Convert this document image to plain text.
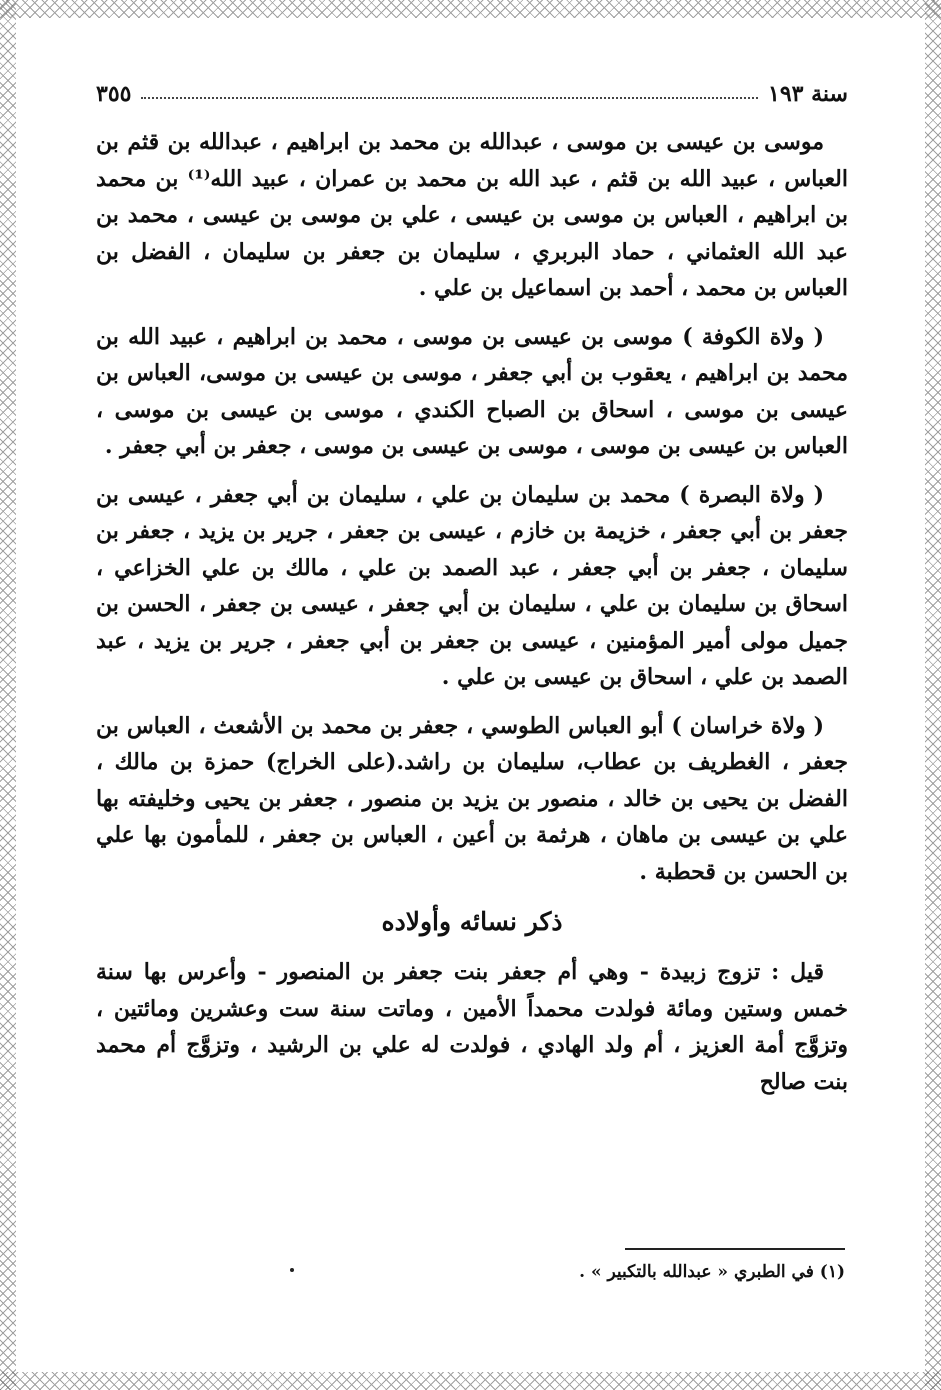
سنة ١٩٣
٣٥٥

موسى بن عيسى بن موسى ، عبدالله بن محمد بن ابراهيم ، عبدالله بن قثم بن العباس ، عبيد الله بن قثم ، عبد الله بن محمد بن عمران ، عبيد الله⁽¹⁾ بن محمد بن ابراهيم ، العباس بن موسى بن عيسى ، علي بن موسى بن عيسى ، محمد بن عبد الله العثماني ، حماد البربري ، سليمان بن جعفر بن سليمان ، الفضل بن العباس بن محمد ، أحمد بن اسماعيل بن علي .

( ولاة الكوفة ) موسى بن عيسى بن موسى ، محمد بن ابراهيم ، عبيد الله بن محمد بن ابراهيم ، يعقوب بن أبي جعفر ، موسى بن عيسى بن موسى، العباس بن عيسى بن موسى ، اسحاق بن الصباح الكندي ، موسى بن عيسى بن موسى ، العباس بن عيسى بن موسى ، موسى بن عيسى بن موسى ، جعفر بن أبي جعفر .

( ولاة البصرة ) محمد بن سليمان بن علي ، سليمان بن أبي جعفر ، عيسى بن جعفر بن أبي جعفر ، خزيمة بن خازم ، عيسى بن جعفر ، جرير بن يزيد ، جعفر بن سليمان ، جعفر بن أبي جعفر ، عبد الصمد بن علي ، مالك بن علي الخزاعي ، اسحاق بن سليمان بن علي ، سليمان بن أبي جعفر ، عيسى بن جعفر ، الحسن بن جميل مولى أمير المؤمنين ، عيسى بن جعفر بن أبي جعفر ، جرير بن يزيد ، عبد الصمد بن علي ، اسحاق بن عيسى بن علي .

( ولاة خراسان ) أبو العباس الطوسي ، جعفر بن محمد بن الأشعث ، العباس بن جعفر ، الغطريف بن عطاب، سليمان بن راشد.(على الخراج) حمزة بن مالك ، الفضل بن يحيى بن خالد ، منصور بن يزيد بن منصور ، جعفر بن يحيى وخليفته بها علي بن عيسى بن ماهان ، هرثمة بن أعين ، العباس بن جعفر ، للمأمون بها علي بن الحسن بن قحطبة .

ذكر نسائه وأولاده

قيل : تزوج زبيدة - وهي أم جعفر بنت جعفر بن المنصور - وأعرس بها سنة خمس وستين ومائة فولدت محمداً الأمين ، وماتت سنة ست وعشرين ومائتين ، وتزوَّج أمة العزيز ، أم ولد الهادي ، فولدت له علي بن الرشيد ، وتزوَّج أم محمد بنت صالح

(١) في الطبري « عبدالله بالتكبير » .
